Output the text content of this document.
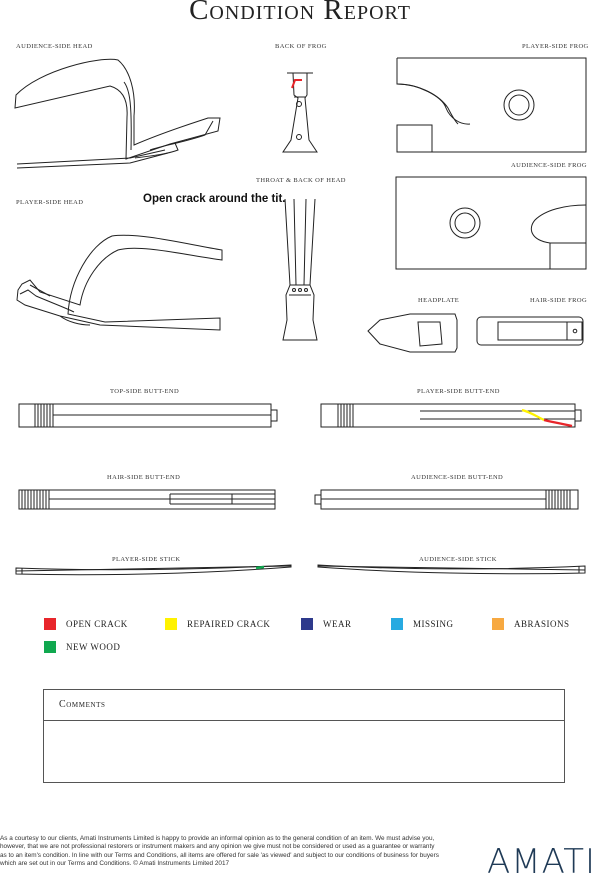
Condition Report
AUDIENCE-SIDE HEAD	BACK OF FROG	PLAYER-SIDE FROG
AUDIENCE-SIDE FROG
THROAT & BACK OF HEAD
PLAYER-SIDE HEAD
HEADPLATE	HAIR-SIDE FROG
TOP-SIDE BUTT-END	PLAYER-SIDE BUTT-END
HAIR-SIDE BUTT-END	AUDIENCE-SIDE BUTT-END
PLAYER-SIDE STICK	AUDIENCE-SIDE STICK
Open crack around the tit.
OPEN CRACK	REPAIRED CRACK	WEAR	MISSING	ABRASIONS
NEW WOOD
Comments
As a courtesy to our clients, Amati Instruments Limited is happy to provide an informal opinion as to the general condition of an item. We must advise you, however, that we are not professional restorers or instrument makers and any opinion we give must not be considered or used as a guarantee or warranty as to an item's condition. In line with our Terms and Conditions, all items are offered for sale 'as viewed' and subject to our conditions of business for buyers which are set out in our Terms and Conditions. © Amati Instruments Limited 2017	AMATI
